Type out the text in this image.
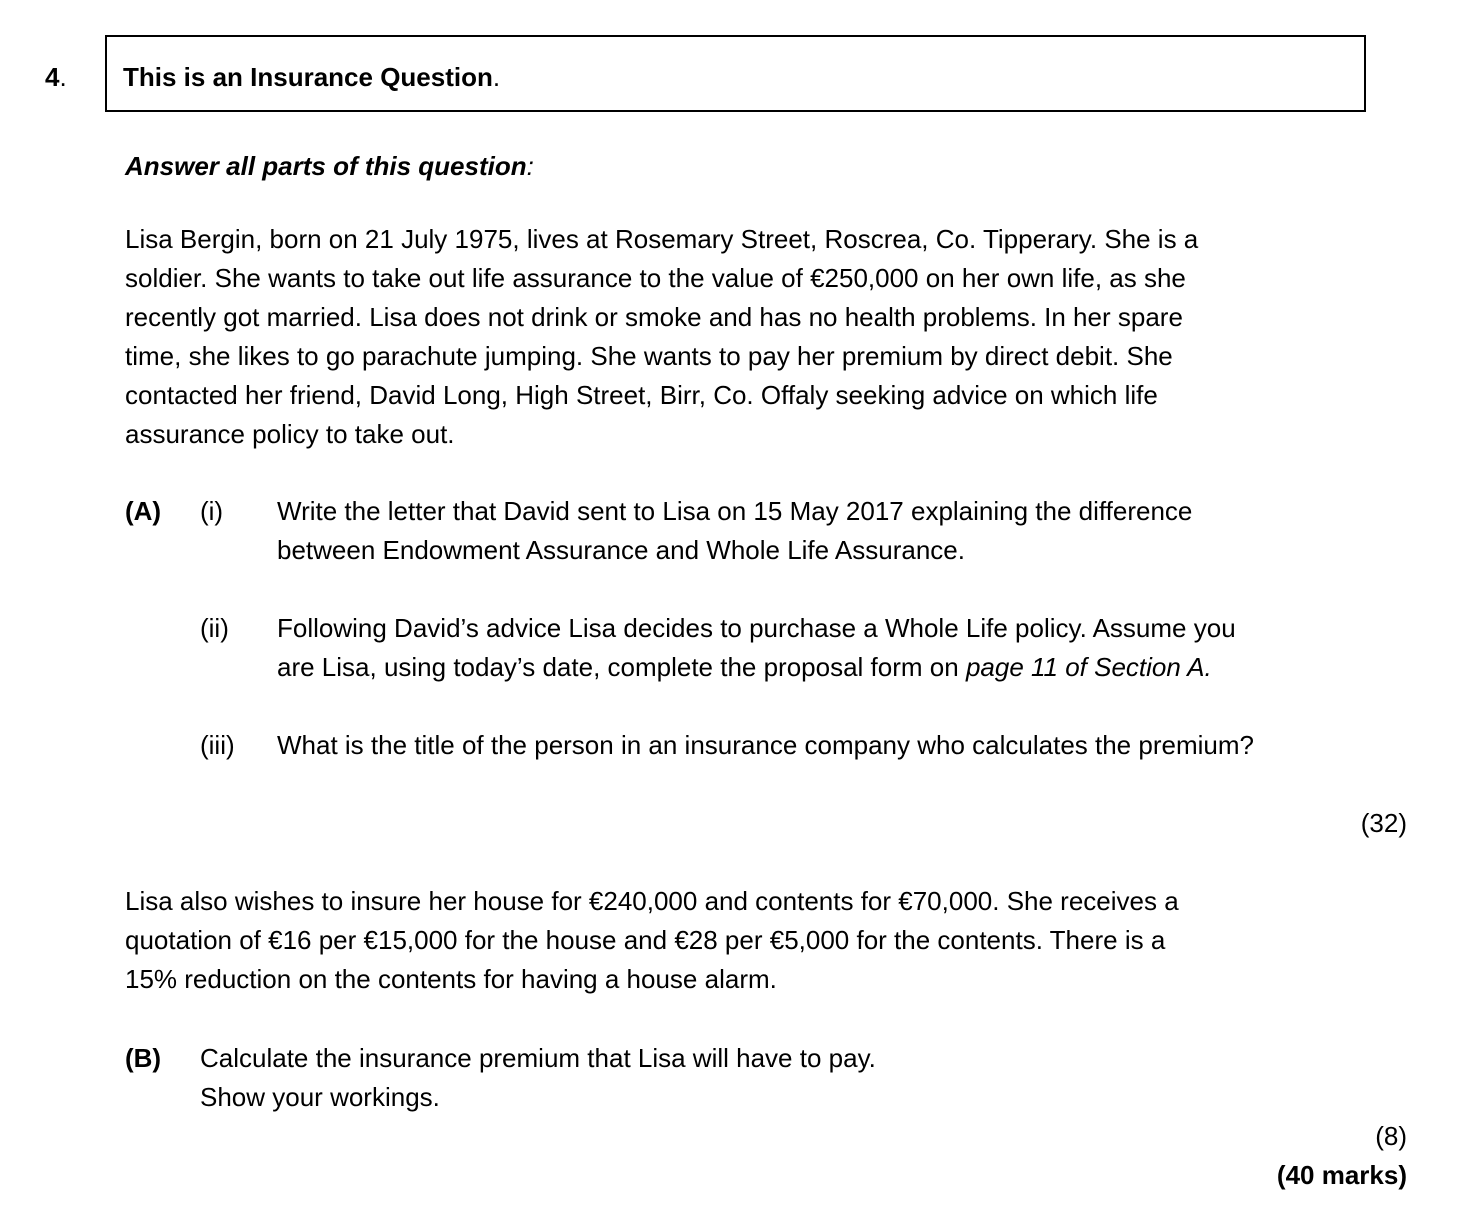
4. This is an Insurance Question.
Answer all parts of this question:
Lisa Bergin, born on 21 July 1975, lives at Rosemary Street, Roscrea, Co. Tipperary. She is a
soldier. She wants to take out life assurance to the value of €250,000 on her own life, as she
recently got married. Lisa does not drink or smoke and has no health problems. In her spare
time, she likes to go parachute jumping. She wants to pay her premium by direct debit. She
contacted her friend, David Long, High Street, Birr, Co. Offaly seeking advice on which life
assurance policy to take out.
(A) (i) Write the letter that David sent to Lisa on 15 May 2017 explaining the difference
between Endowment Assurance and Whole Life Assurance.
(ii) Following David’s advice Lisa decides to purchase a Whole Life policy. Assume you
are Lisa, using today’s date, complete the proposal form on page 11 of Section A.
(iii) What is the title of the person in an insurance company who calculates the premium?
(32)
Lisa also wishes to insure her house for €240,000 and contents for €70,000. She receives a
quotation of €16 per €15,000 for the house and €28 per €5,000 for the contents. There is a
15% reduction on the contents for having a house alarm.
(B) Calculate the insurance premium that Lisa will have to pay.
Show your workings.
(8)
(40 marks)
